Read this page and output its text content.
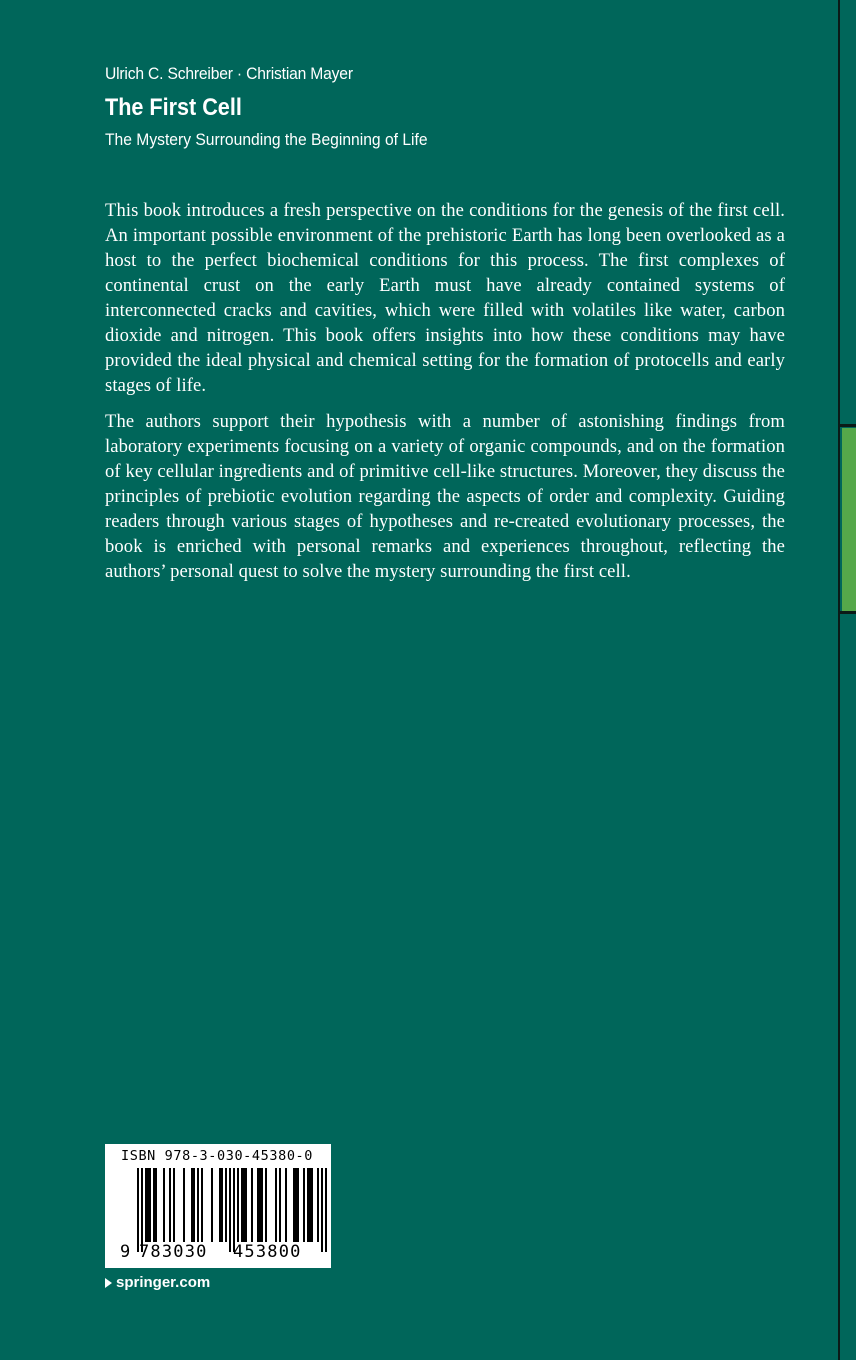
Ulrich C. Schreiber · Christian Mayer
The First Cell
The Mystery Surrounding the Beginning of Life

This book introduces a fresh perspective on the conditions for the genesis of the first cell. An important possible environment of the prehistoric Earth has long been overlooked as a host to the perfect biochemical conditions for this process. The first complexes of continental crust on the early Earth must have already contained systems of interconnected cracks and cavities, which were filled with volatiles like water, carbon dioxide and nitrogen. This book offers insights into how these conditions may have provided the ideal physical and chemical setting for the formation of protocells and early stages of life.

The authors support their hypothesis with a number of astonishing findings from laboratory experiments focusing on a variety of organic compounds, and on the formation of key cellular ingredients and of primitive cell-like structures. Moreover, they discuss the principles of prebiotic evolution regarding the aspects of order and complexity. Guiding readers through various stages of hypotheses and re-created evolutionary processes, the book is enriched with personal remarks and experiences throughout, reflecting the authors’ personal quest to solve the mystery surrounding the first cell.

ISBN 978-3-030-45380-0
9 783030 453800
springer.com
